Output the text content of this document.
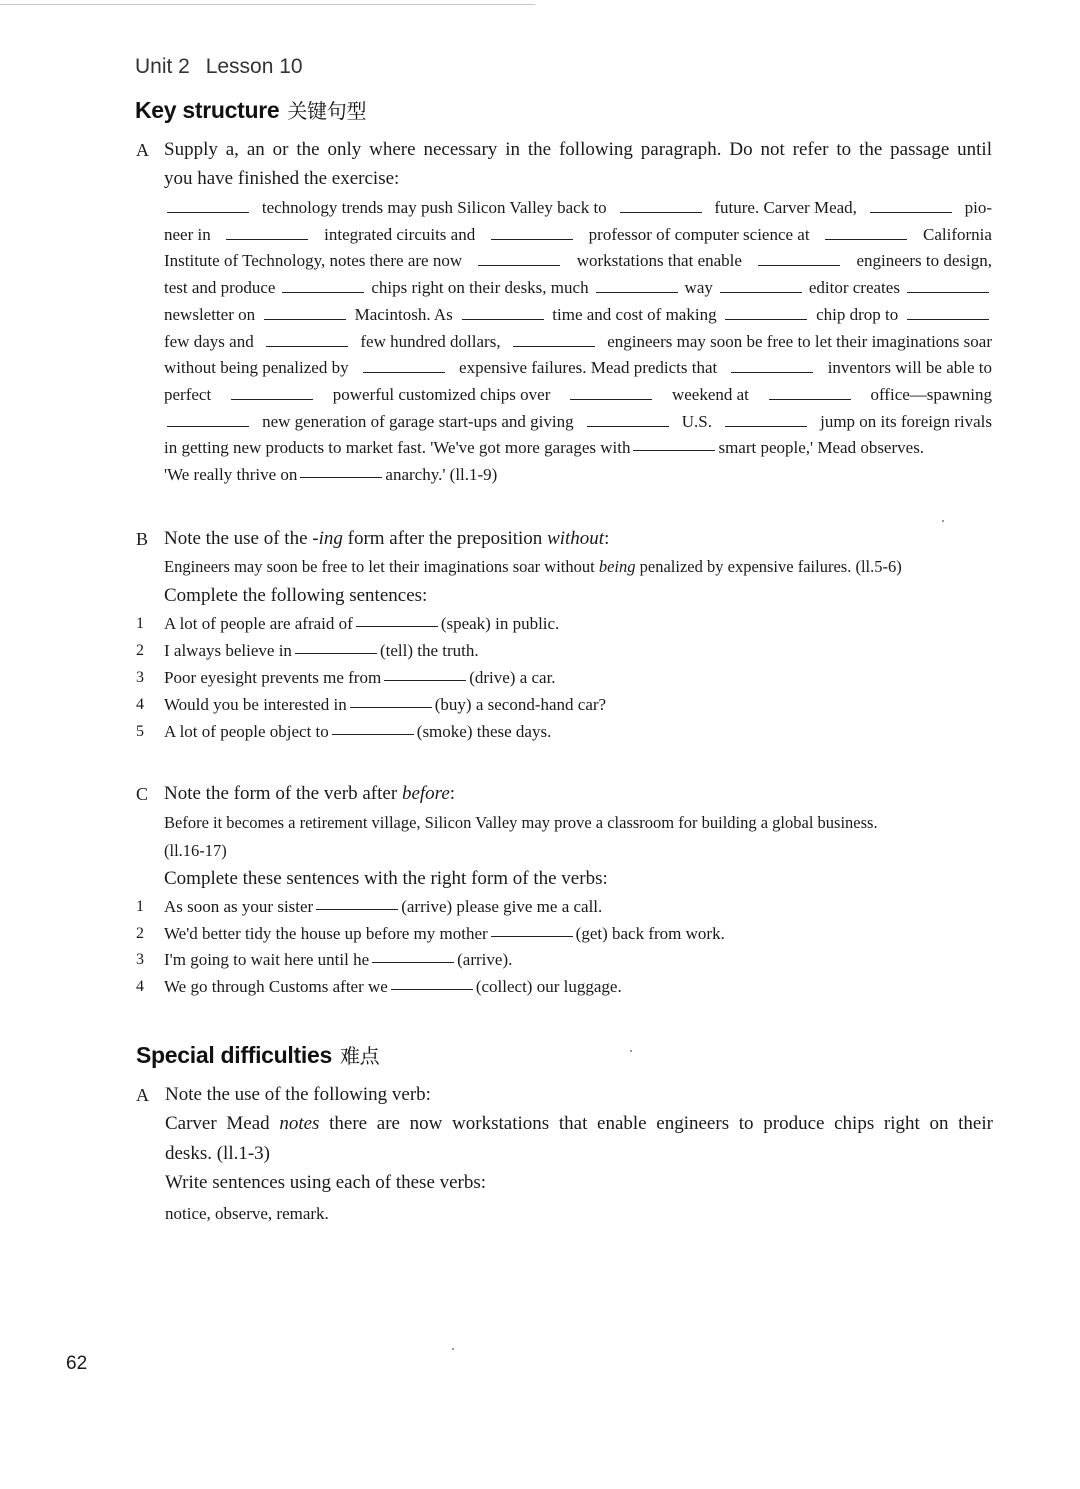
Unit 2 Lesson 10
Key structure 关键句型
A Supply a, an or the only where necessary in the following paragraph. Do not refer to the passage until
you have finished the exercise:
technology trends may push Silicon Valley back to	future. Carver Mead,	pio-
neer in	integrated circuits and	professor of computer science at	California
Institute of Technology, notes there are now	workstations that enable	engineers to design,
test and produce	chips right on their desks, much	way	editor creates
newsletter on	Macintosh. As	time and cost of making	chip drop to
few days and	few hundred dollars,	engineers may soon be free to let their imaginations soar
without being penalized by	expensive failures. Mead predicts that	inventors will be able to
perfect	powerful customized chips over	weekend at	office—spawning
new generation of garage start-ups and giving	U.S.	jump on its foreign rivals
in getting new products to market fast. 'We've got more garages with	smart people,' Mead observes.
'We really thrive on	anarchy.' (ll.1-9)
B Note the use of the -ing form after the preposition without:
Engineers may soon be free to let their imaginations soar without being penalized by expensive failures. (ll.5-6)
Complete the following sentences:
1 A lot of people are afraid of	(speak) in public.
2 I always believe in	(tell) the truth.
3 Poor eyesight prevents me from	(drive) a car.
4 Would you be interested in	(buy) a second-hand car?
5 A lot of people object to	(smoke) these days.
C Note the form of the verb after before:
Before it becomes a retirement village, Silicon Valley may prove a classroom for building a global business.
(ll.16-17)
Complete these sentences with the right form of the verbs:
1 As soon as your sister	(arrive) please give me a call.
2 We'd better tidy the house up before my mother	(get) back from work.
3 I'm going to wait here until he	(arrive).
4 We go through Customs after we	(collect) our luggage.
Special difficulties 难点
A Note the use of the following verb:
Carver Mead notes there are now workstations that enable engineers to produce chips right on their
desks. (ll.1-3)
Write sentences using each of these verbs:
notice, observe, remark.
62
